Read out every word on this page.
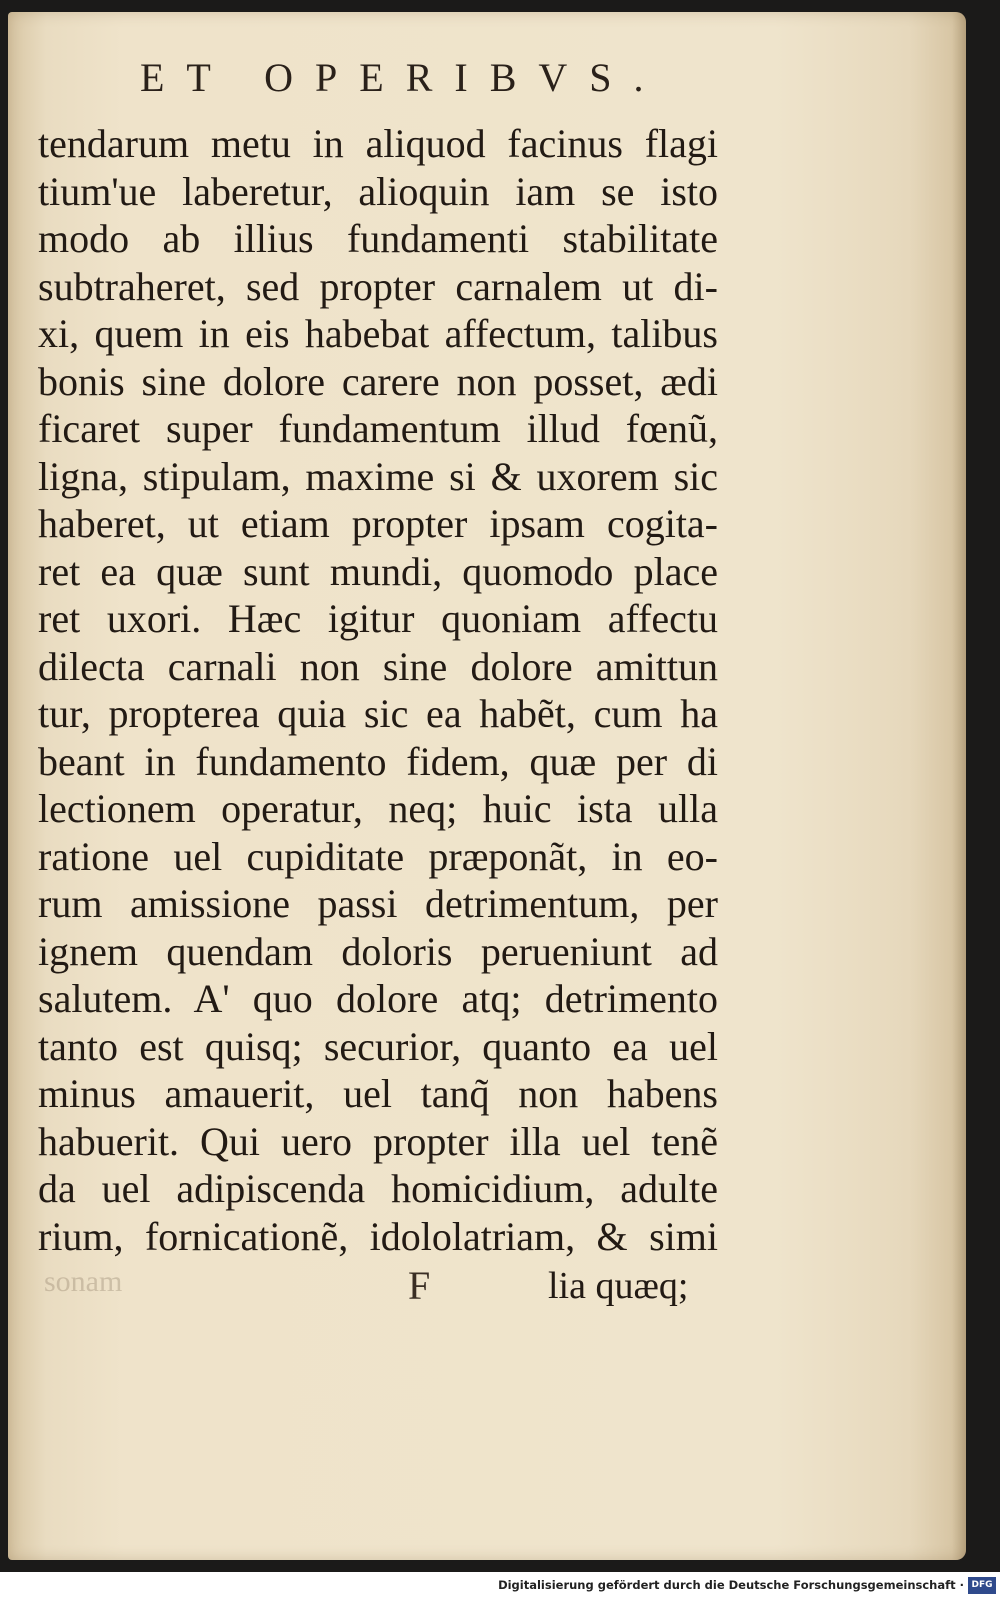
ET OPERIBVS.
tendarum metu in aliquod facinus flagi
tium'ue laberetur, alioquin iam se isto
modo ab illius fundamenti stabilitate
subtraheret, sed propter carnalem ut di-
xi, quem in eis habebat affectum, talibus
bonis sine dolore carere non posset, ædi
ficaret super fundamentum illud fœnũ,
ligna, stipulam, maxime si & uxorem sic
haberet, ut etiam propter ipsam cogita-
ret ea quæ sunt mundi, quomodo place
ret uxori. Hæc igitur quoniam affectu
dilecta carnali non sine dolore amittun
tur, propterea quia sic ea habẽt, cum ha
beant in fundamento fidem, quæ per di
lectionem operatur, neq; huic ista ulla
ratione uel cupiditate præponãt, in eo-
rum amissione passi detrimentum, per
ignem quendam doloris perueniunt ad
salutem. A' quo dolore atq; detrimento
tanto est quisq; securior, quanto ea uel
minus amauerit, uel tanq̃ non habens
habuerit. Qui uero propter illa uel tenẽ
da uel adipiscenda homicidium, adulte
rium, fornicationẽ, idololatriam, & simi
sonam	F	lia quæq;
Digitalisierung gefördert durch die Deutsche Forschungsgemeinschaft · DFG
